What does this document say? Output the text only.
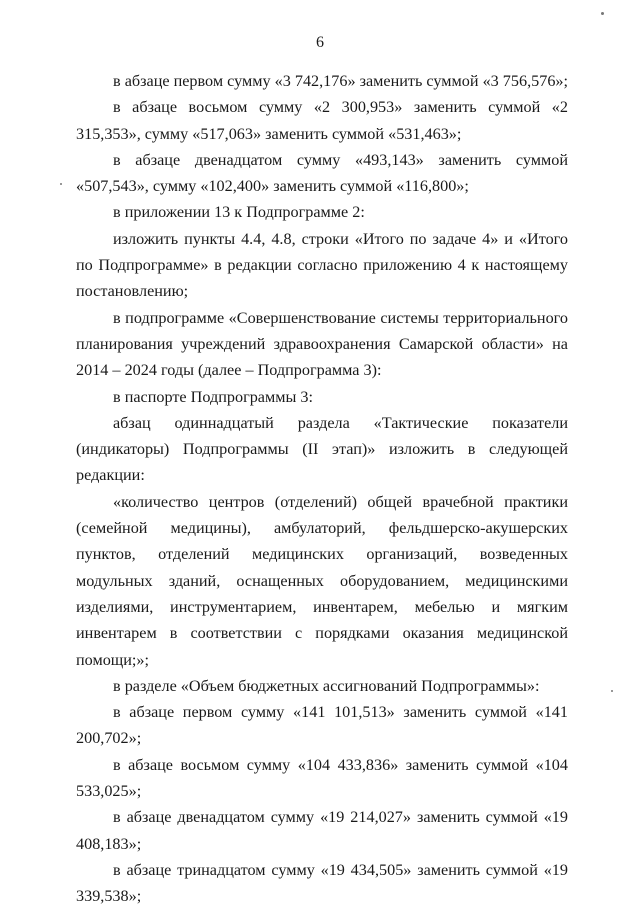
6

в абзаце первом сумму «3 742,176» заменить суммой «3 756,576»;

в абзаце восьмом сумму «2 300,953» заменить суммой «2 315,353», сумму «517,063» заменить суммой «531,463»;

в абзаце двенадцатом сумму «493,143» заменить суммой «507,543», сумму «102,400» заменить суммой «116,800»;

в приложении 13 к Подпрограмме 2:

изложить пункты 4.4, 4.8, строки «Итого по задаче 4» и «Итого по Подпрограмме» в редакции согласно приложению 4 к настоящему постановлению;

в подпрограмме «Совершенствование системы территориального планирования учреждений здравоохранения Самарской области» на 2014 – 2024 годы (далее – Подпрограмма 3):

в паспорте Подпрограммы 3:

абзац одиннадцатый раздела «Тактические показатели (индикаторы) Подпрограммы (II этап)» изложить в следующей редакции:

«количество центров (отделений) общей врачебной практики (семейной медицины), амбулаторий, фельдшерско-акушерских пунктов, отделений медицинских организаций, возведенных модульных зданий, оснащенных оборудованием, медицинскими изделиями, инструментарием, инвентарем, мебелью и мягким инвентарем в соответствии с порядками оказания медицинской помощи;»;

в разделе «Объем бюджетных ассигнований Подпрограммы»:

в абзаце первом сумму «141 101,513» заменить суммой «141 200,702»;

в абзаце восьмом сумму «104 433,836» заменить суммой «104 533,025»;

в абзаце двенадцатом сумму «19 214,027» заменить суммой «19 408,183»;

в абзаце тринадцатом сумму «19 434,505» заменить суммой «19 339,538»;
